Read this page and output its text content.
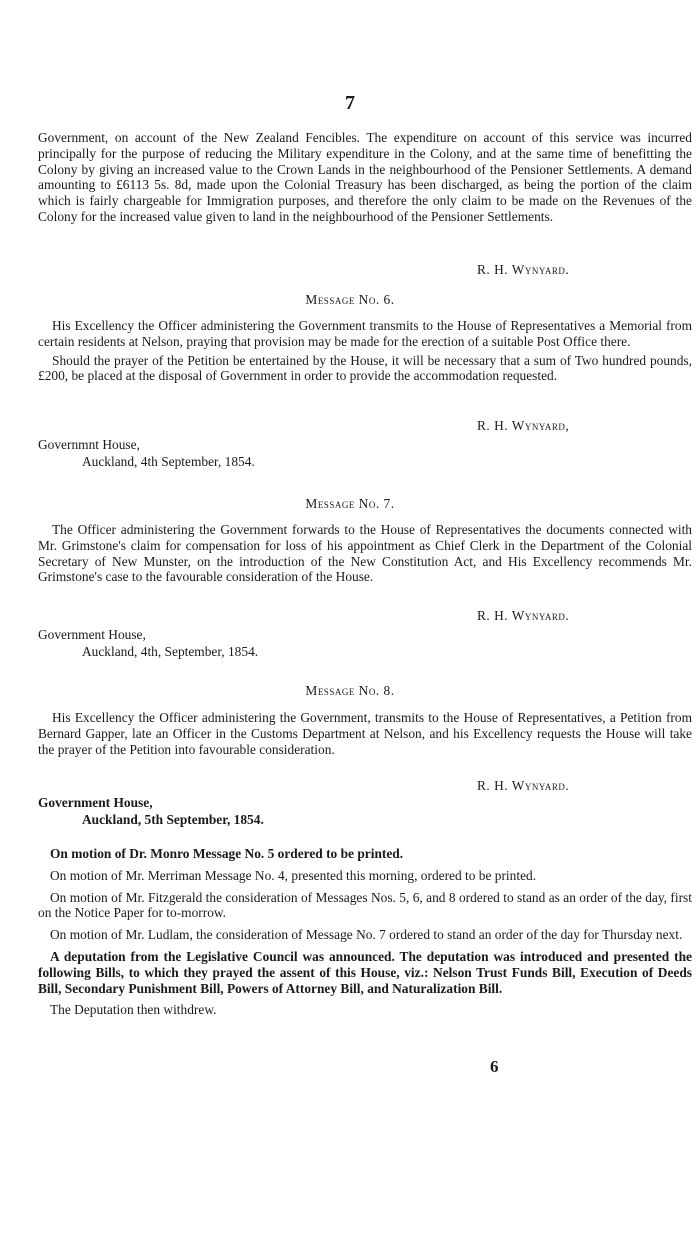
7

Government, on account of the New Zealand Fencibles. The expenditure on account of this service was incurred principally for the purpose of reducing the Military expenditure in the Colony, and at the same time of benefitting the Colony by giving an increased value to the Crown Lands in the neighbourhood of the Pensioner Settlements. A demand amounting to £6113 5s. 8d, made upon the Colonial Treasury has been discharged, as being the portion of the claim which is fairly chargeable for Immigration purposes, and therefore the only claim to be made on the Revenues of the Colony for the increased value given to land in the neighbourhood of the Pensioner Settlements.

R. H. Wynyard.
Message No. 6.

His Excellency the Officer administering the Government transmits to the House of Representatives a Memorial from certain residents at Nelson, praying that provision may be made for the erection of a suitable Post Office there.

Should the prayer of the Petition be entertained by the House, it will be necessary that a sum of Two hundred pounds, £200, be placed at the disposal of Government in order to provide the accommodation requested.

R. H. Wynyard,
Governmnt House,
Auckland, 4th September, 1854.
Message No. 7.

The Officer administering the Government forwards to the House of Representatives the documents connected with Mr. Grimstone's claim for compensation for loss of his appointment as Chief Clerk in the Department of the Colonial Secretary of New Munster, on the introduction of the New Constitution Act, and His Excellency recommends Mr. Grimstone's case to the favourable consideration of the House.

R. H. Wynyard.
Government House,
Auckland, 4th, September, 1854.
Message No. 8.

His Excellency the Officer administering the Government, transmits to the House of Representatives, a Petition from Bernard Gapper, late an Officer in the Customs Department at Nelson, and his Excellency requests the House will take the prayer of the Petition into favourable consideration.

R. H. Wynyard.
Government House,
Auckland, 5th September, 1854.

On motion of Dr. Monro Message No. 5 ordered to be printed.

On motion of Mr. Merriman Message No. 4, presented this morning, ordered to be printed.

On motion of Mr. Fitzgerald the consideration of Messages Nos. 5, 6, and 8 ordered to stand as an order of the day, first on the Notice Paper for to-morrow.

On motion of Mr. Ludlam, the consideration of Message No. 7 ordered to stand an order of the day for Thursday next.

A deputation from the Legislative Council was announced. The deputation was introduced and presented the following Bills, to which they prayed the assent of this House, viz.: Nelson Trust Funds Bill, Execution of Deeds Bill, Secondary Punishment Bill, Powers of Attorney Bill, and Naturalization Bill.

The Deputation then withdrew.

6
